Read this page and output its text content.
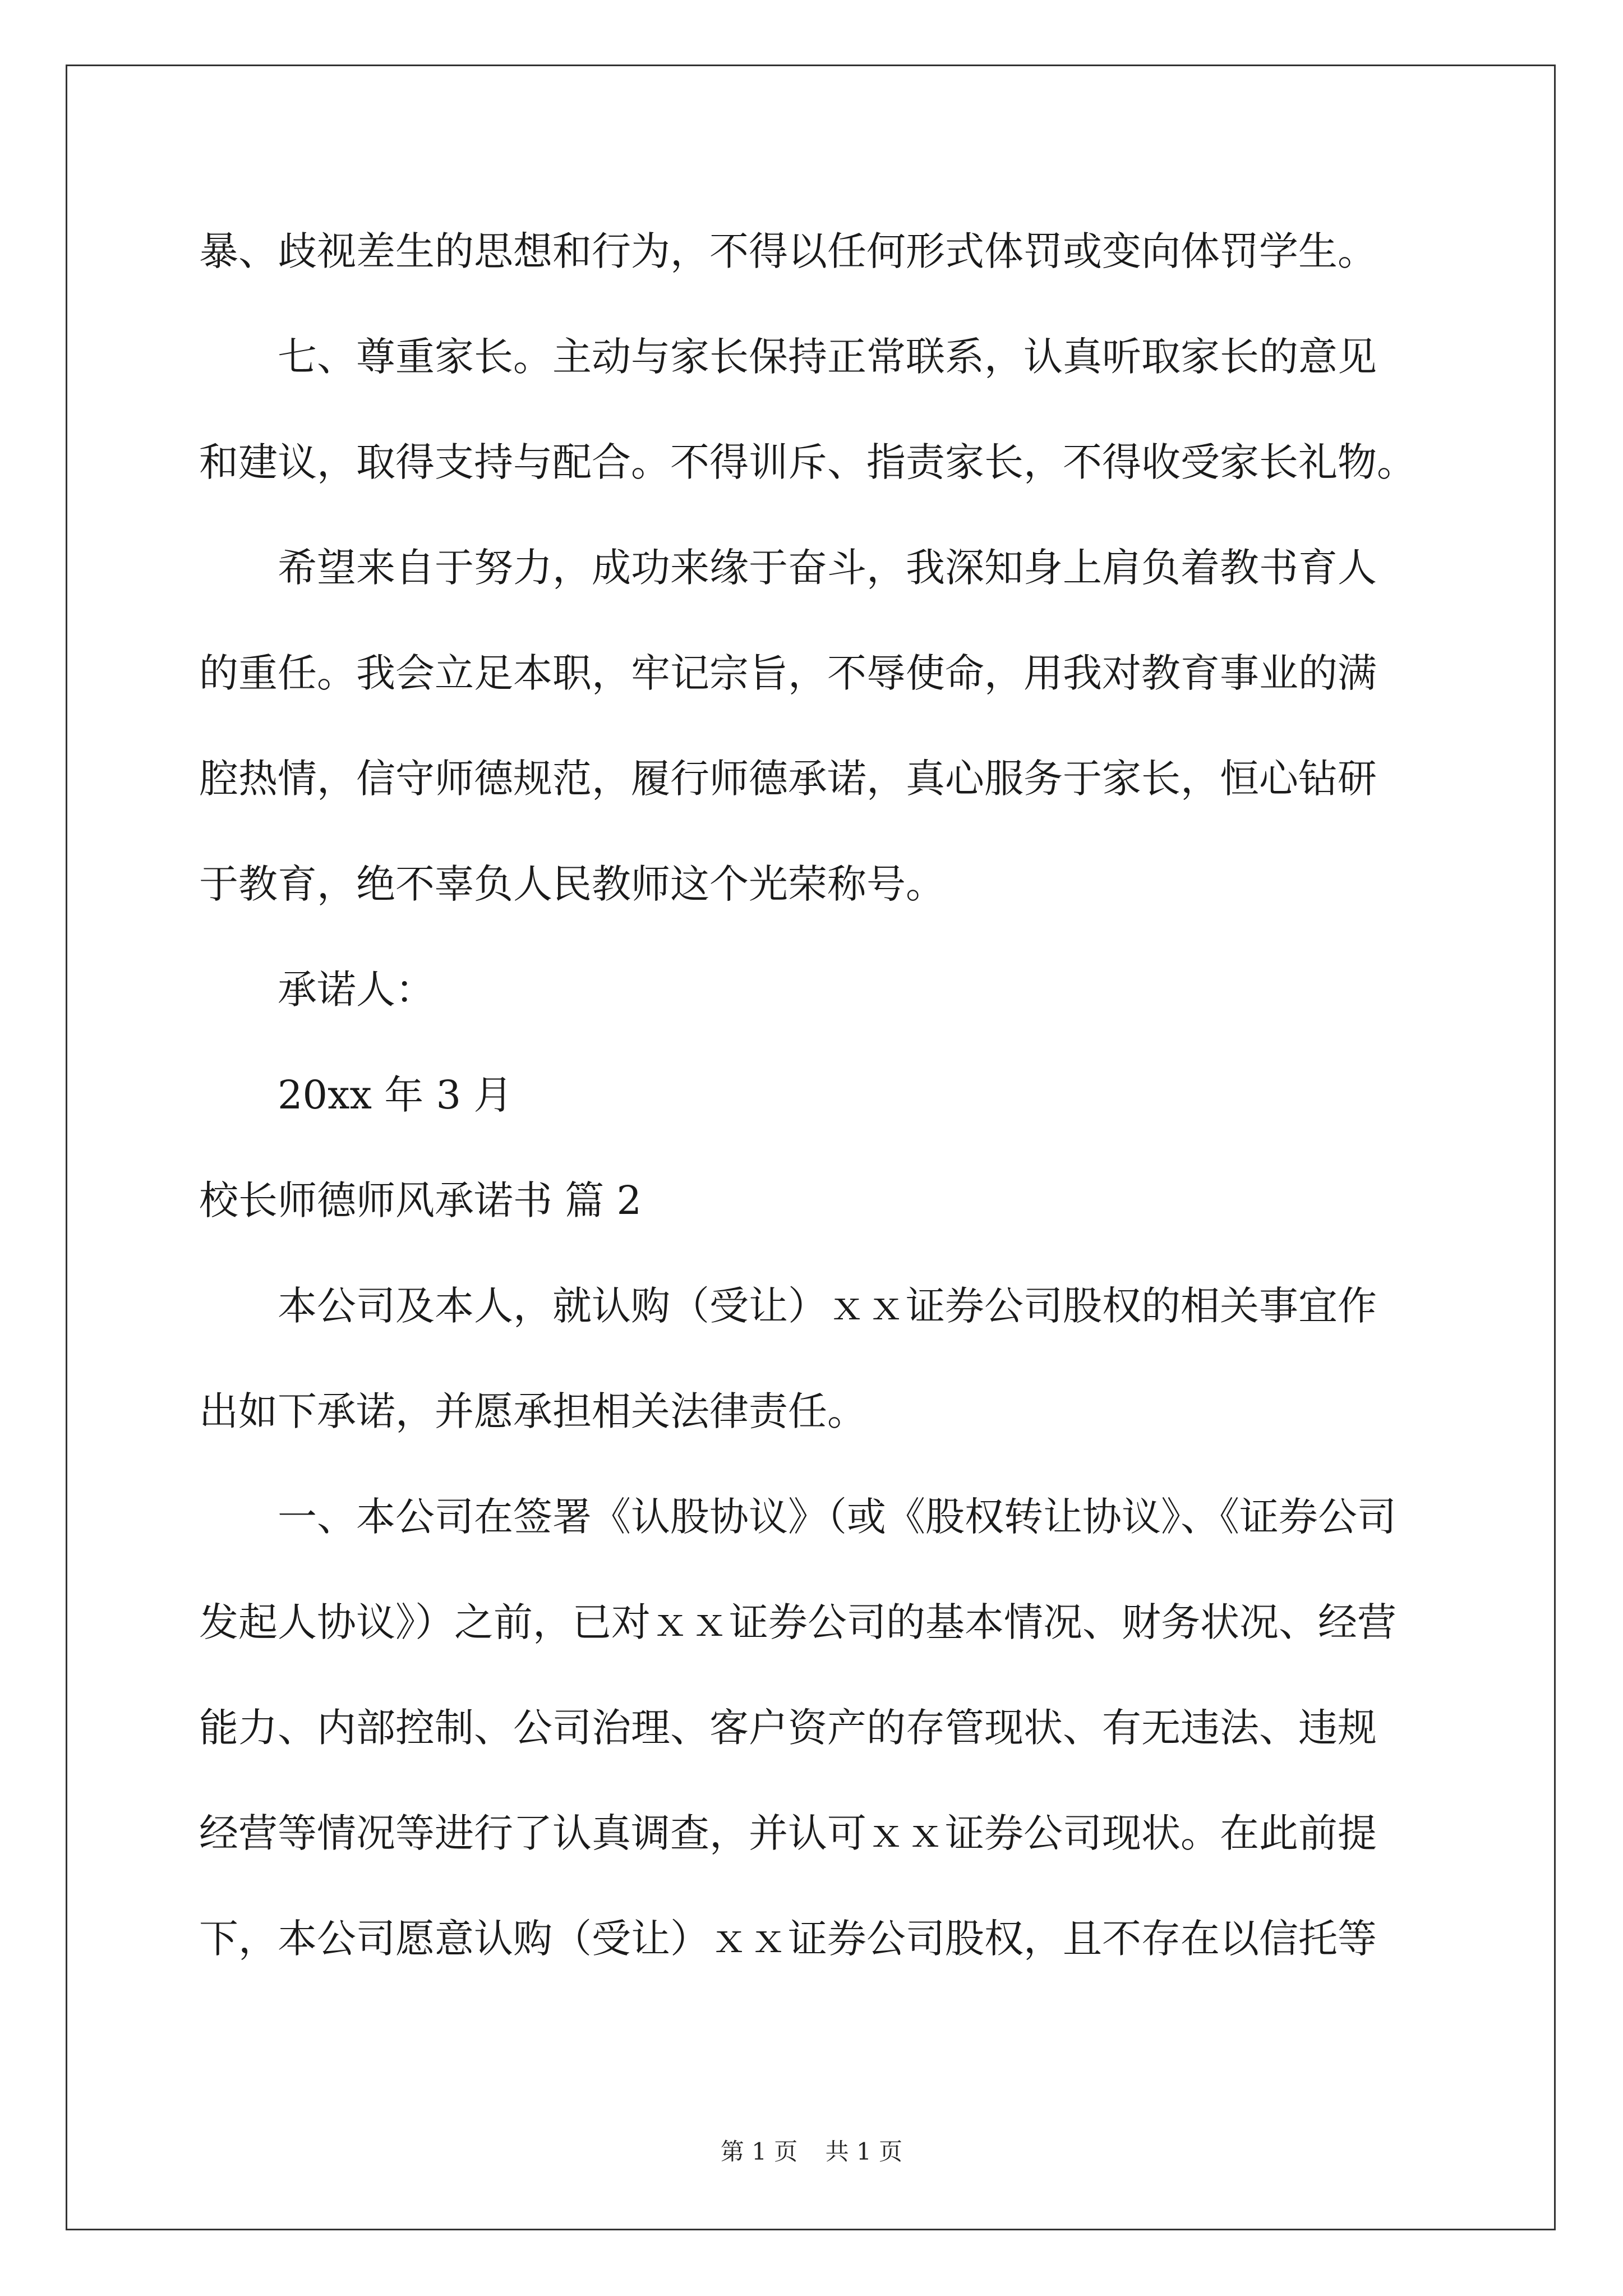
暴、歧视差生的思想和行为，不得以任何形式体罚或变向体罚学生。
七、尊重家长。主动与家长保持正常联系，认真听取家长的意见
和建议，取得支持与配合。不得训斥、指责家长，不得收受家长礼物。
希望来自于努力，成功来缘于奋斗，我深知身上肩负着教书育人
的重任。我会立足本职，牢记宗旨，不辱使命，用我对教育事业的满
腔热情，信守师德规范，履行师德承诺，真心服务于家长，恒心钻研
于教育，绝不辜负人民教师这个光荣称号。
承诺人：
20xx 年 3 月
校长师德师风承诺书 篇 2
本公司及本人，就认购（受让）ｘｘ证券公司股权的相关事宜作
出如下承诺，并愿承担相关法律责任。
一、本公司在签署《认股协议》（或《股权转让协议》、《证券公司
发起人协议》）之前，已对ｘｘ证券公司的基本情况、财务状况、经营
能力、内部控制、公司治理、客户资产的存管现状、有无违法、违规
经营等情况等进行了认真调查，并认可ｘｘ证券公司现状。在此前提
下，本公司愿意认购（受让）ｘｘ证券公司股权，且不存在以信托等
第 1 页 共 1 页
